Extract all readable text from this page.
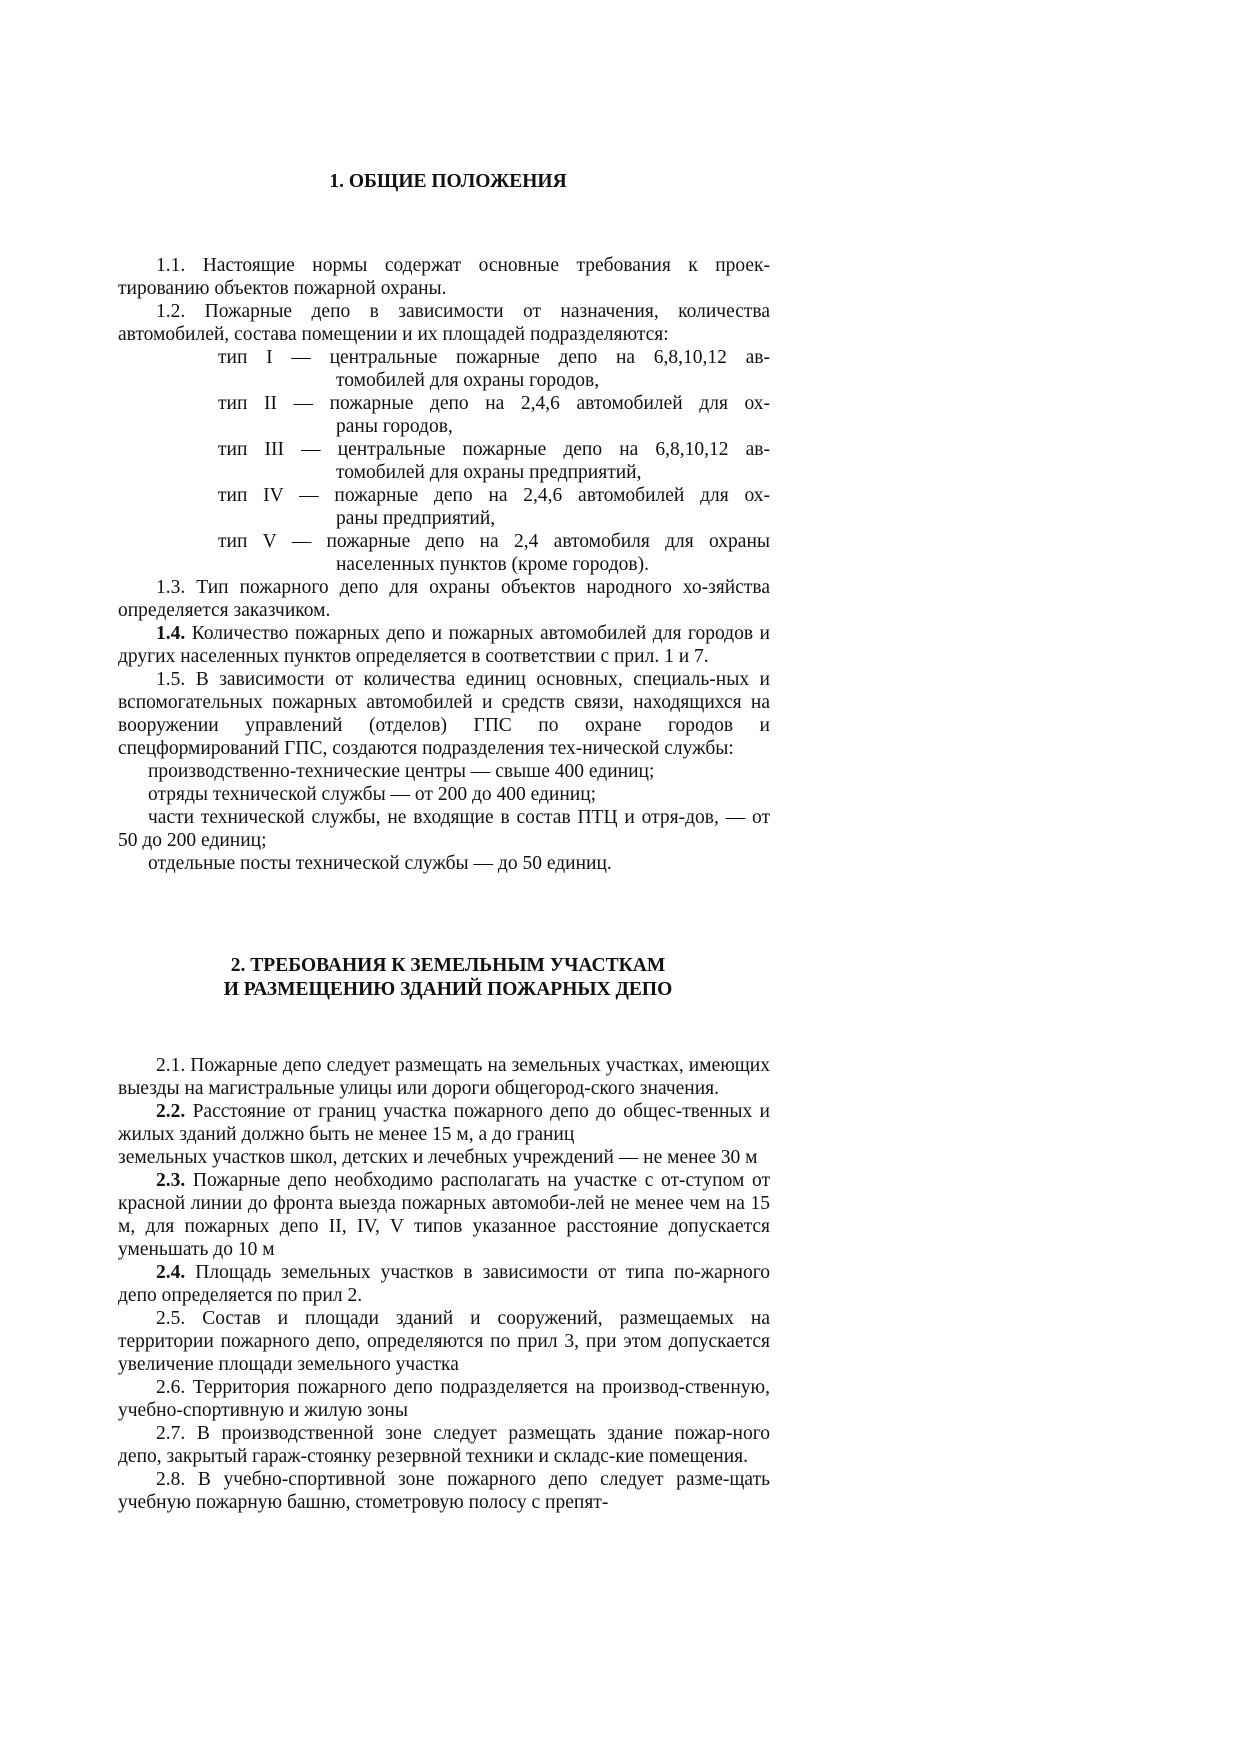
1. ОБЩИЕ ПОЛОЖЕНИЯ

1.1. Настоящие нормы содержат основные требования к проек-тированию объектов пожарной охраны.

1.2. Пожарные депо в зависимости от назначения, количества автомобилей, состава помещении и их площадей подразделяются:

тип I — центральные пожарные депо на 6,8,10,12 ав-
томобилей для охраны городов,

тип II — пожарные депо на 2,4,6 автомобилей для ох-
раны городов,

тип III — центральные пожарные депо на 6,8,10,12 ав-
томобилей для охраны предприятий,

тип IV — пожарные депо на 2,4,6 автомобилей для ох-
раны предприятий,

тип V — пожарные депо на 2,4 автомобиля для охраны
населенных пунктов (кроме городов).

1.3. Тип пожарного депо для охраны объектов народного хо-зяйства определяется заказчиком.

1.4. Количество пожарных депо и пожарных автомобилей для городов и других населенных пунктов определяется в соответствии с прил. 1 и 7.

1.5. В зависимости от количества единиц основных, специаль-ных и вспомогательных пожарных автомобилей и средств связи, находящихся на вооружении управлений (отделов) ГПС по охране городов и спецформирований ГПС, создаются подразделения тех-нической службы:

производственно-технические центры — свыше 400 единиц;

отряды технической службы — от 200 до 400 единиц;

части технической службы, не входящие в состав ПТЦ и отря-дов, — от 50 до 200 единиц;

отдельные посты технической службы — до 50 единиц.

2. ТРЕБОВАНИЯ К ЗЕМЕЛЬНЫМ УЧАСТКАМ
И РАЗМЕЩЕНИЮ ЗДАНИЙ ПОЖАРНЫХ ДЕПО

2.1. Пожарные депо следует размещать на земельных участках, имеющих выезды на магистральные улицы или дороги общегород-ского значения.

2.2. Расстояние от границ участка пожарного депо до общес-твенных и жилых зданий должно быть не менее 15 м, а до границ

земельных участков школ, детских и лечебных учреждений — не менее 30 м

2.3. Пожарные депо необходимо располагать на участке с от-ступом от красной линии до фронта выезда пожарных автомоби-лей не менее чем на 15 м, для пожарных депо II, IV, V типов указанное расстояние допускается уменьшать до 10 м

2.4. Площадь земельных участков в зависимости от типа по-жарного депо определяется по прил 2.

2.5. Состав и площади зданий и сооружений, размещаемых на территории пожарного депо, определяются по прил 3, при этом допускается увеличение площади земельного участка

2.6. Территория пожарного депо подразделяется на производ-ственную, учебно-спортивную и жилую зоны

2.7. В производственной зоне следует размещать здание пожар-ного депо, закрытый гараж-стоянку резервной техники и складс-кие помещения.

2.8. В учебно-спортивной зоне пожарного депо следует разме-щать учебную пожарную башню, стометровую полосу с препят-
